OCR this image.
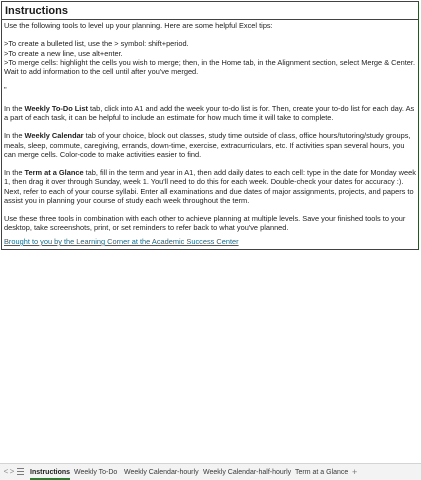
Instructions

Use the following tools to level up your planning. Here are some helpful Excel tips:

>To create a bulleted list, use the > symbol: shift+period.

>To create a new line, use alt+enter.

>To merge cells: highlight the cells you wish to merge; then, in the Home tab, in the Alignment section, select Merge & Center. Wait to add information to the cell until after you've merged.

"

In the Weekly To-Do List tab, click into A1 and add the week your to-do list is for. Then, create your to-do list for each day. As a part of each task, it can be helpful to include an estimate for how much time it will take to complete.

In the Weekly Calendar tab of your choice, block out classes, study time outside of class, office hours/tutoring/study groups, meals, sleep, commute, caregiving, errands, down-time, exercise, extracurriculars, etc. If activities span several hours, you can merge cells. Color-code to make activities easier to find.

In the Term at a Glance tab, fill in the term and year in A1, then add daily dates to each cell: type in the date for Monday week 1, then drag it over through Sunday, week 1. You'll need to do this for each week. Double-check your dates for accuracy :). Next, refer to each of your course syllabi. Enter all examinations and due dates of major assignments, projects, and papers to assist you in planning your course of study each week throughout the term.

Use these three tools in combination with each other to achieve planning at multiple levels. Save your finished tools to your desktop, take screenshots, print, or set reminders to refer back to what you've planned.

Brought to you by the Learning Corner at the Academic Success Center
< > Instructions Weekly To-Do Weekly Calendar-hourly Weekly Calendar-half-hourly Term at a Glance +
